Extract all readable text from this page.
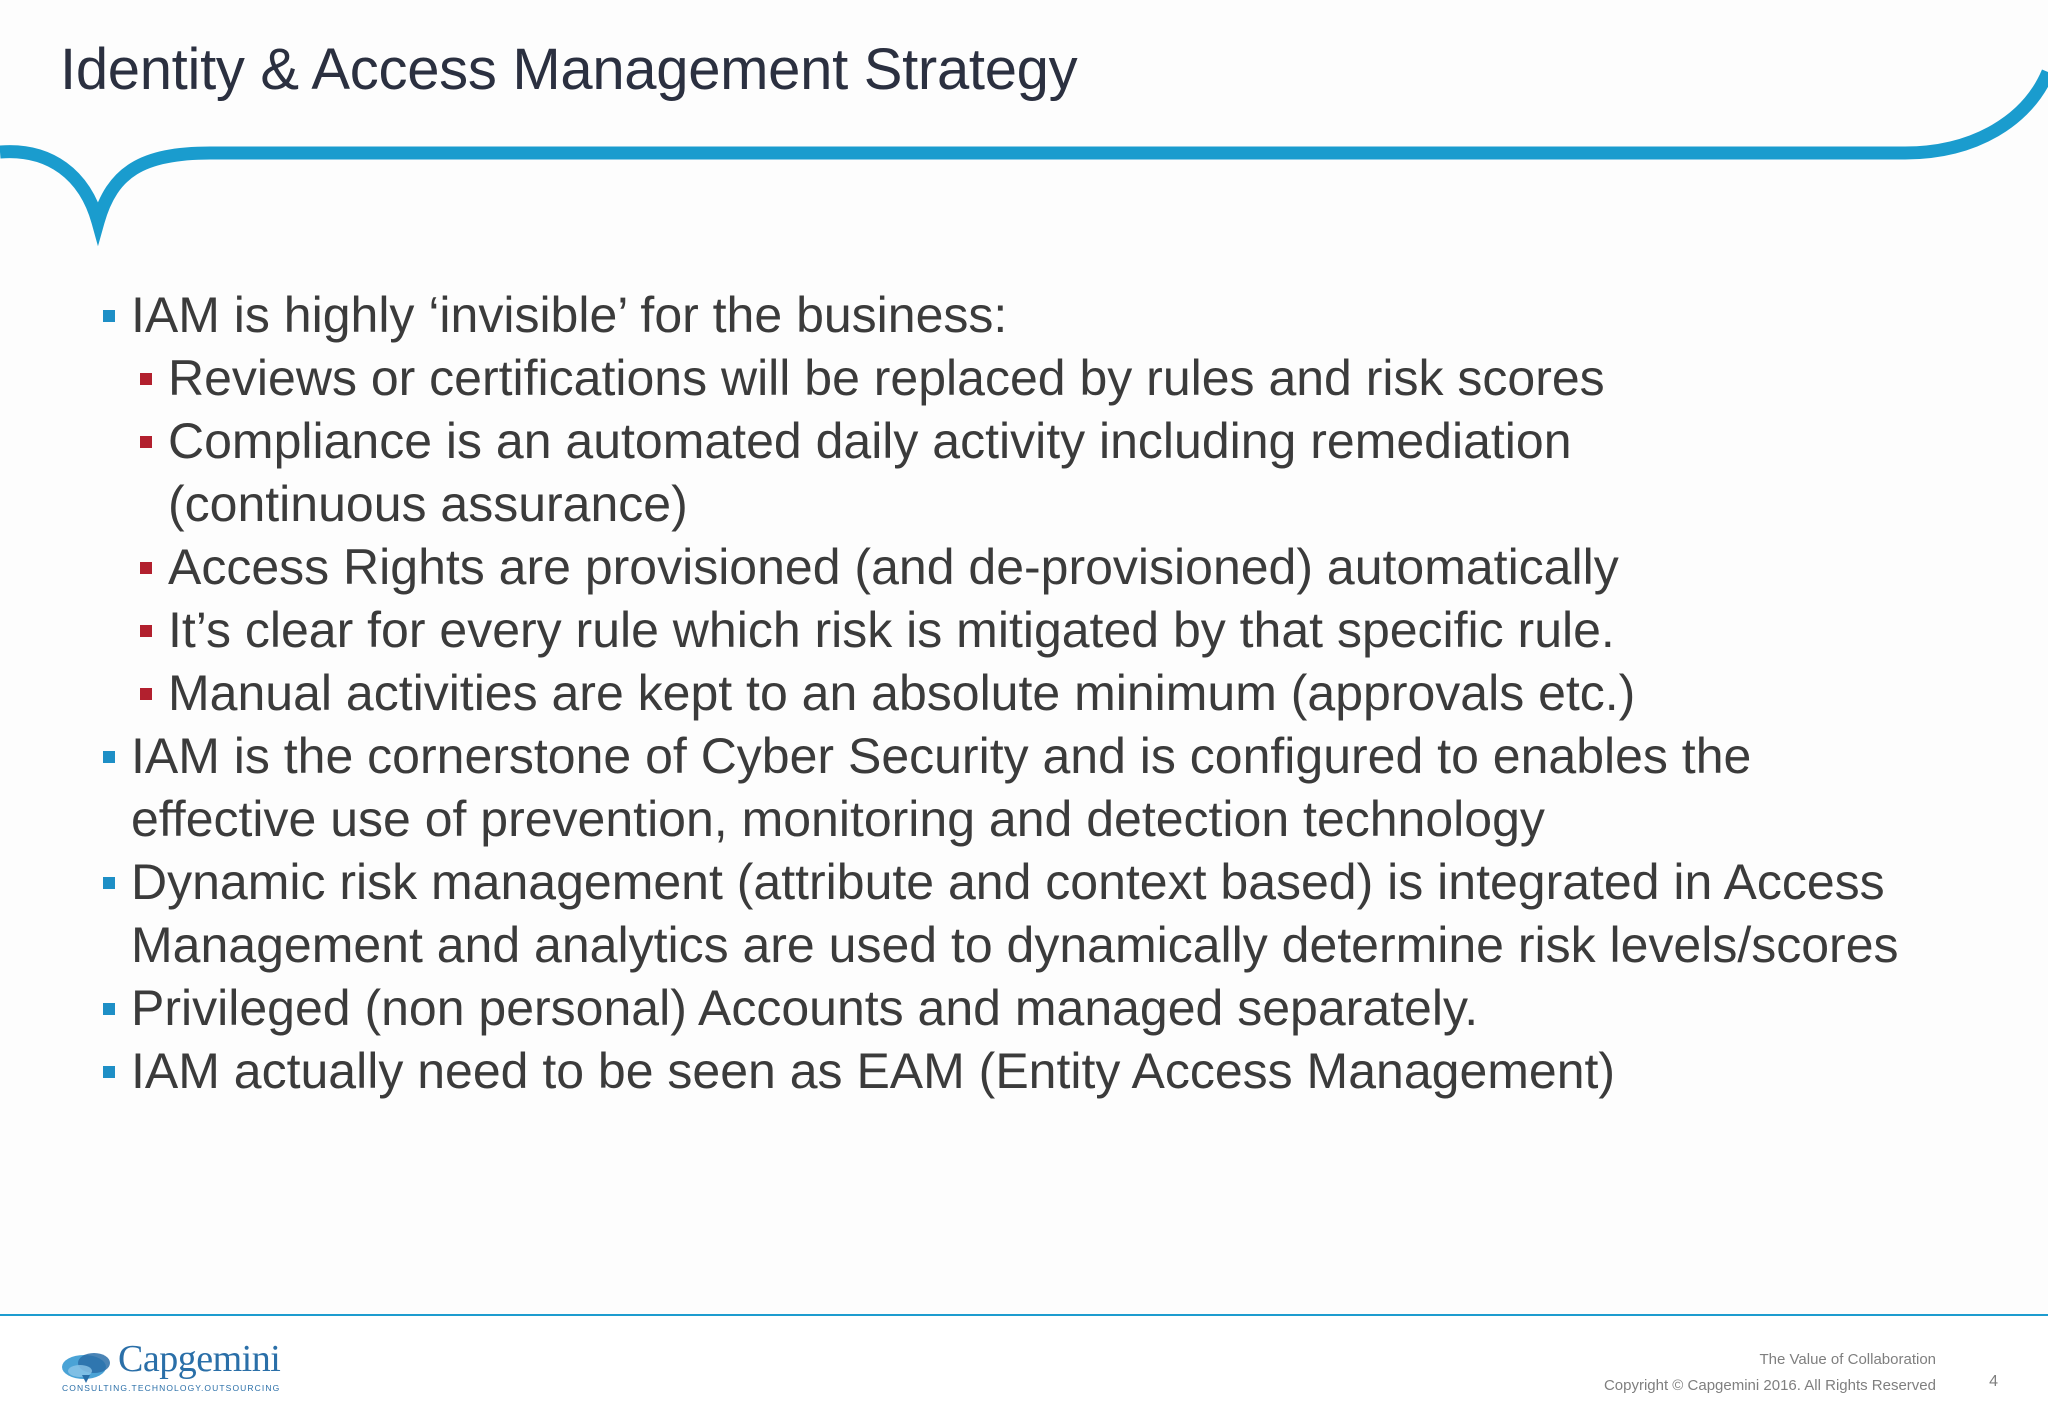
Identity & Access Management Strategy
IAM is highly ‘invisible’ for the business:
Reviews or certifications will be replaced by rules and risk scores
Compliance is an automated daily activity including remediation (continuous assurance)
Access Rights are provisioned (and de-provisioned) automatically
It’s clear for every rule which risk is mitigated by that specific rule.
Manual activities are kept to an absolute minimum (approvals etc.)
IAM is the cornerstone of Cyber Security and is configured to enables the effective use of prevention, monitoring and detection technology
Dynamic risk management (attribute and context based) is integrated in Access Management and analytics are used to dynamically determine risk levels/scores
Privileged (non personal) Accounts and managed separately.
IAM actually need to be seen as EAM (Entity Access Management)
Capgemini
CONSULTING.TECHNOLOGY.OUTSOURCING
The Value of Collaboration
Copyright © Capgemini 2016. All Rights Reserved	4
